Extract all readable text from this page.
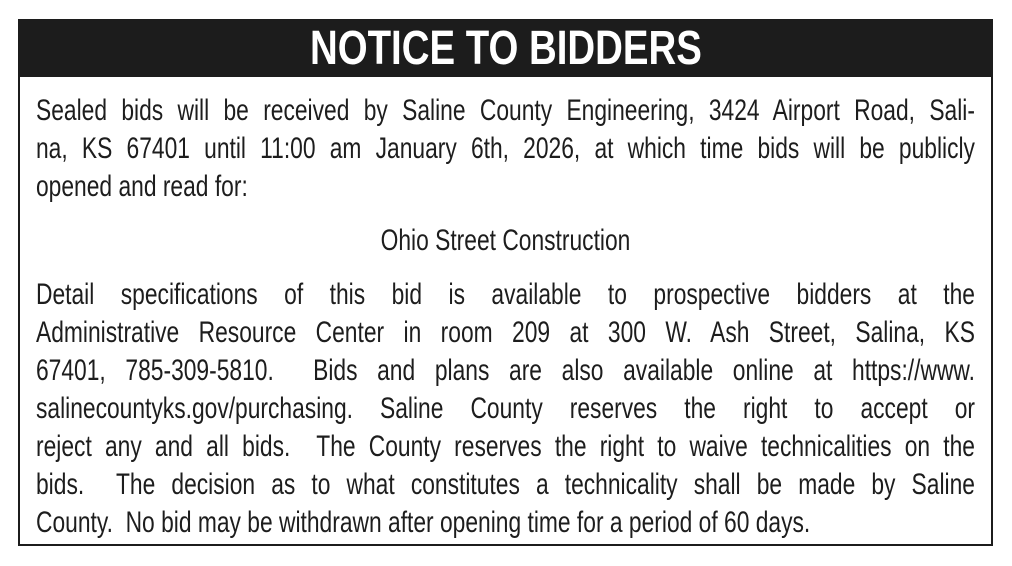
NOTICE TO BIDDERS
Sealed bids will be received by Saline County Engineering, 3424 Airport Road, Sali-
na, KS 67401 until 11:00 am January 6th, 2026, at which time bids will be publicly
opened and read for:
Ohio Street Construction
Detail specifications of this bid is available to prospective bidders at the
Administrative Resource Center in room 209 at 300 W. Ash Street, Salina, KS
67401, 785-309-5810.  Bids and plans are also available online at https://www.
salinecountyks.gov/purchasing. Saline County reserves the right to accept or
reject any and all bids.  The County reserves the right to waive technicalities on the
bids.  The decision as to what constitutes a technicality shall be made by Saline
County.  No bid may be withdrawn after opening time for a period of 60 days.
